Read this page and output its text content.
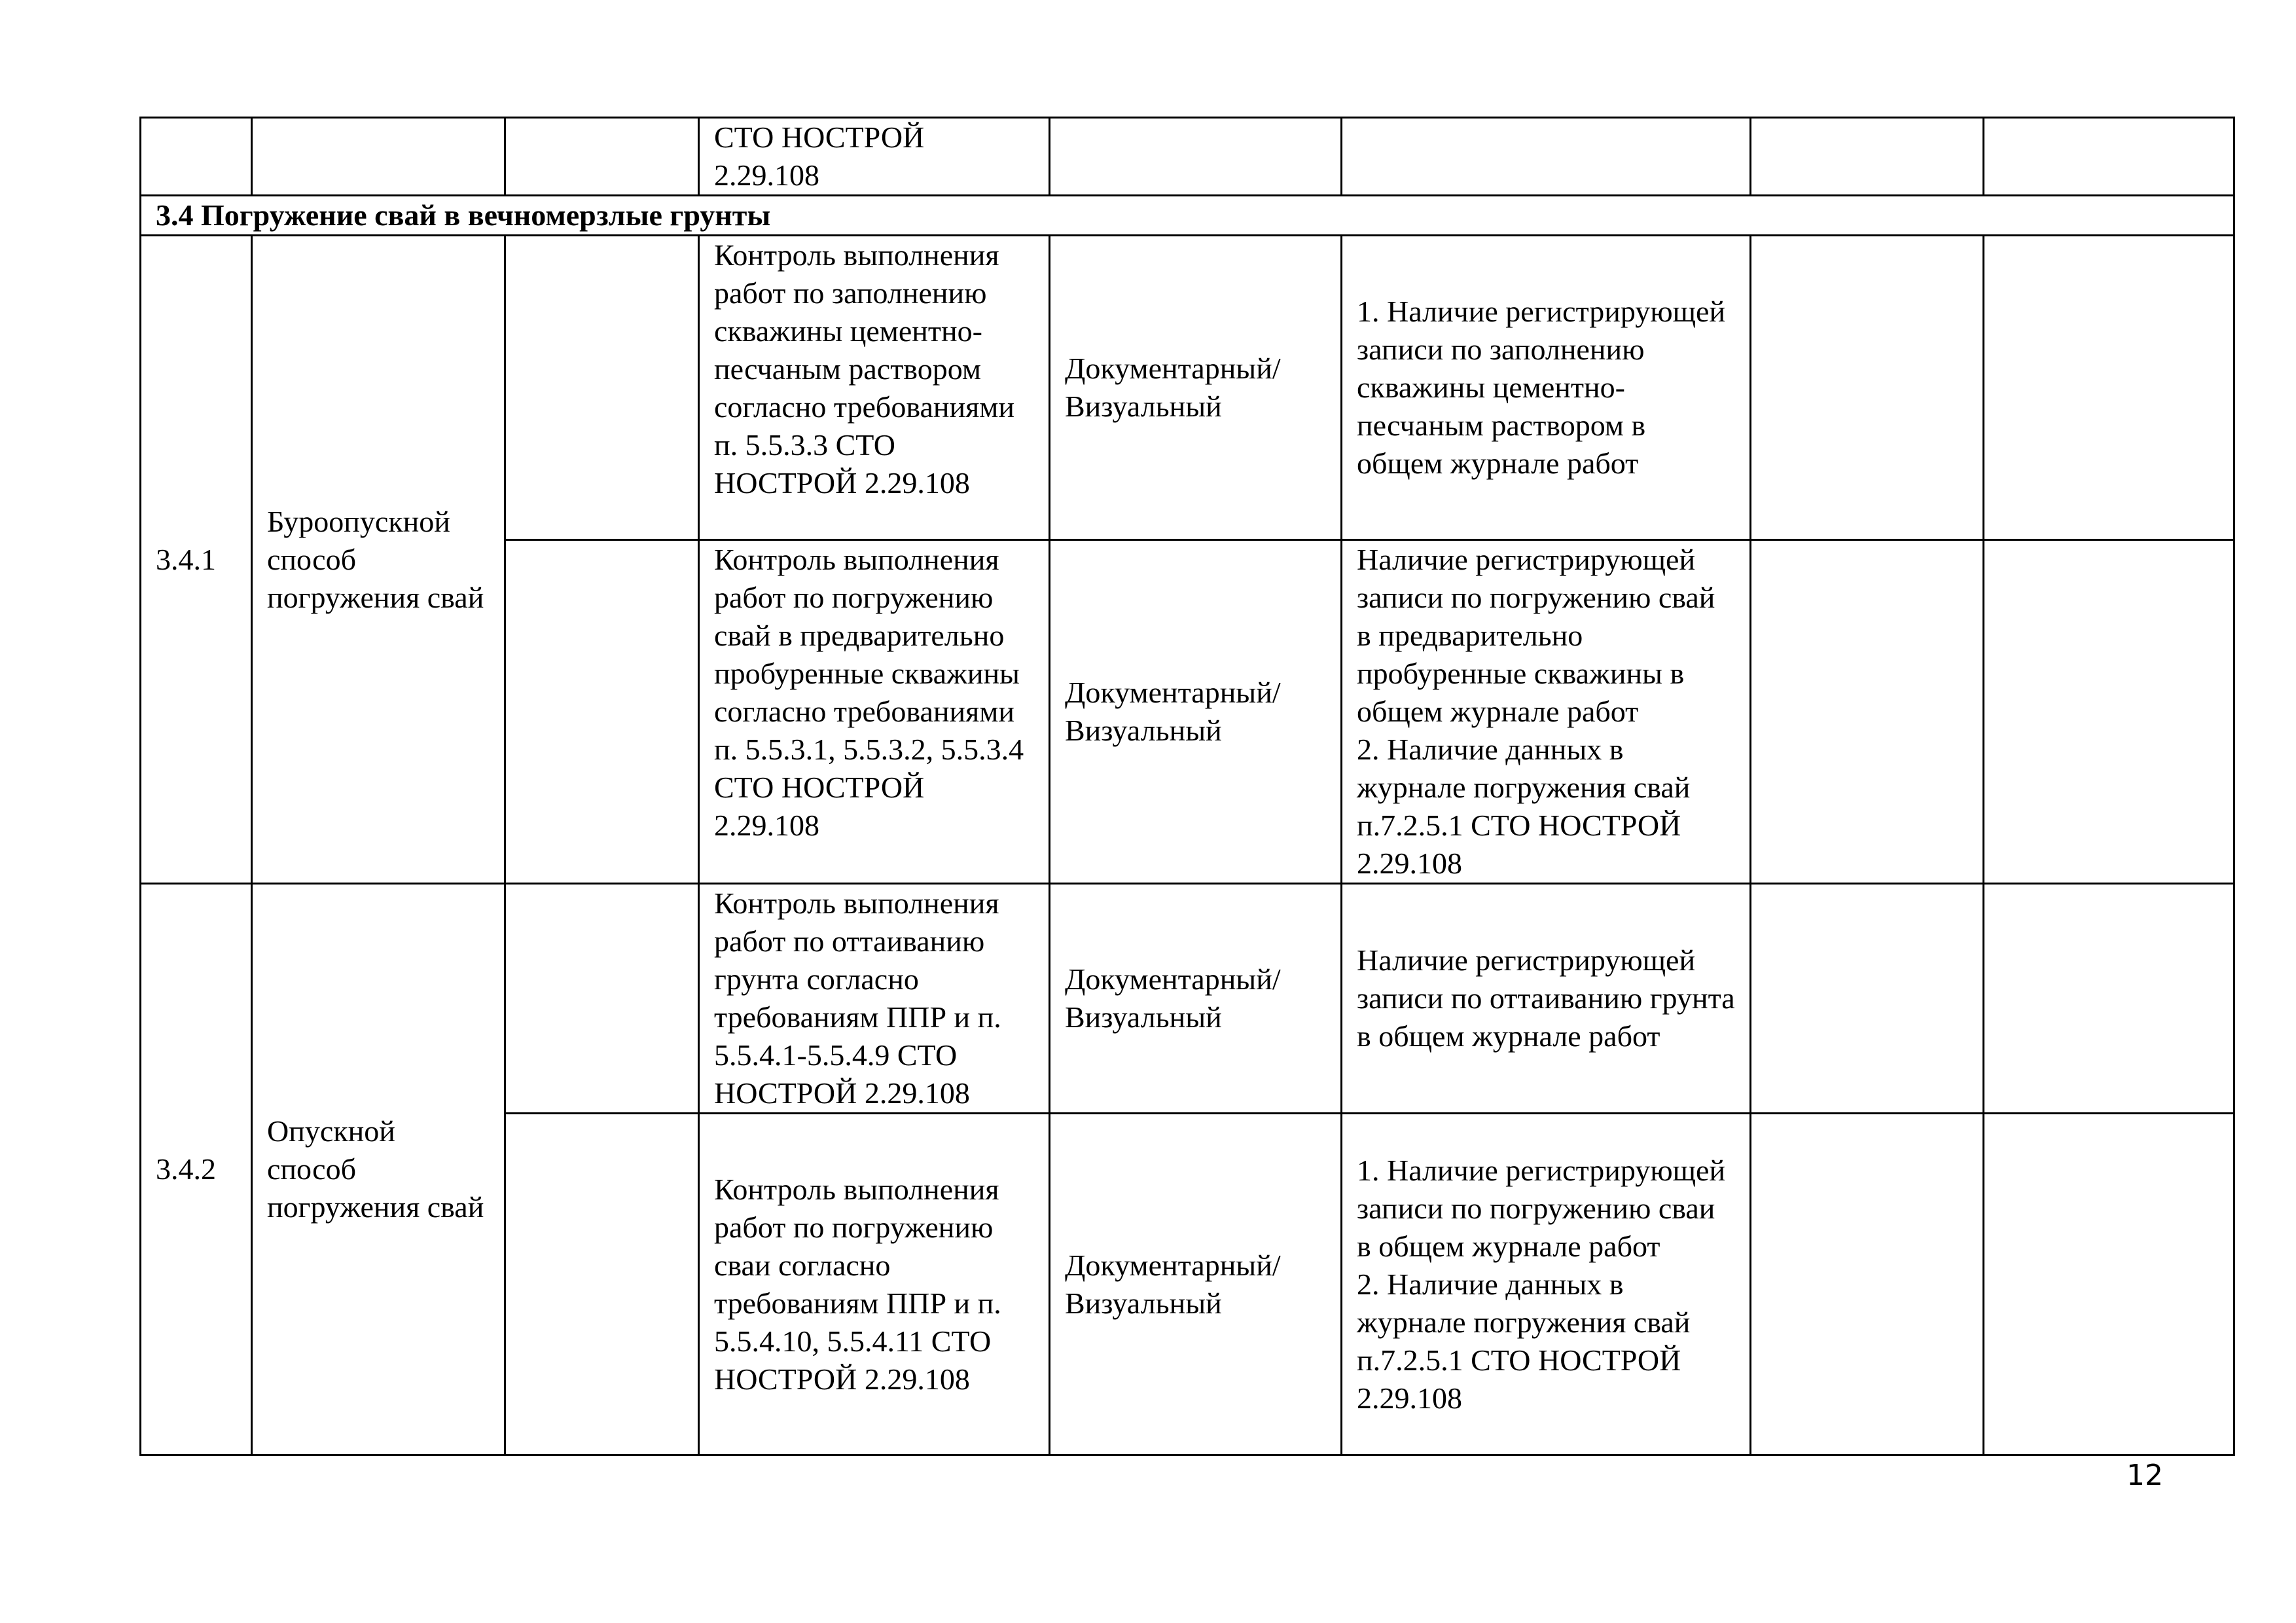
			СТО НОСТРОЙ 2.29.108				
3.4 Погружение свай в вечномерзлые грунты							
3.4.1	Буроопускной способ погружения свай		Контроль выполнения работ по заполнению скважины цементно-песчаным раствором согласно требованиями п. 5.5.3.3 СТО НОСТРОЙ 2.29.108	Документарный/ Визуальный	1. Наличие регистрирующей записи по заполнению скважины цементно-песчаным раствором в общем журнале работ		
			Контроль выполнения работ по погружению свай в предварительно пробуренные скважины согласно требованиями п. 5.5.3.1, 5.5.3.2, 5.5.3.4 СТО НОСТРОЙ 2.29.108	Документарный/ Визуальный	Наличие регистрирующей записи по погружению свай в предварительно пробуренные скважины в общем журнале работ
2. Наличие данных в журнале погружения свай п.7.2.5.1 СТО НОСТРОЙ 2.29.108		
3.4.2	Опускной способ погружения свай		Контроль выполнения работ по оттаиванию грунта согласно требованиям ППР и п. 5.5.4.1-5.5.4.9 СТО НОСТРОЙ 2.29.108	Документарный/ Визуальный	Наличие регистрирующей записи по оттаиванию грунта в общем журнале работ		
			Контроль выполнения работ по погружению сваи согласно требованиям ППР и п. 5.5.4.10, 5.5.4.11 СТО НОСТРОЙ 2.29.108	Документарный/ Визуальный	1. Наличие регистрирующей записи по погружению сваи в общем журнале работ
2. Наличие данных в журнале погружения свай п.7.2.5.1 СТО НОСТРОЙ 2.29.108		
12
